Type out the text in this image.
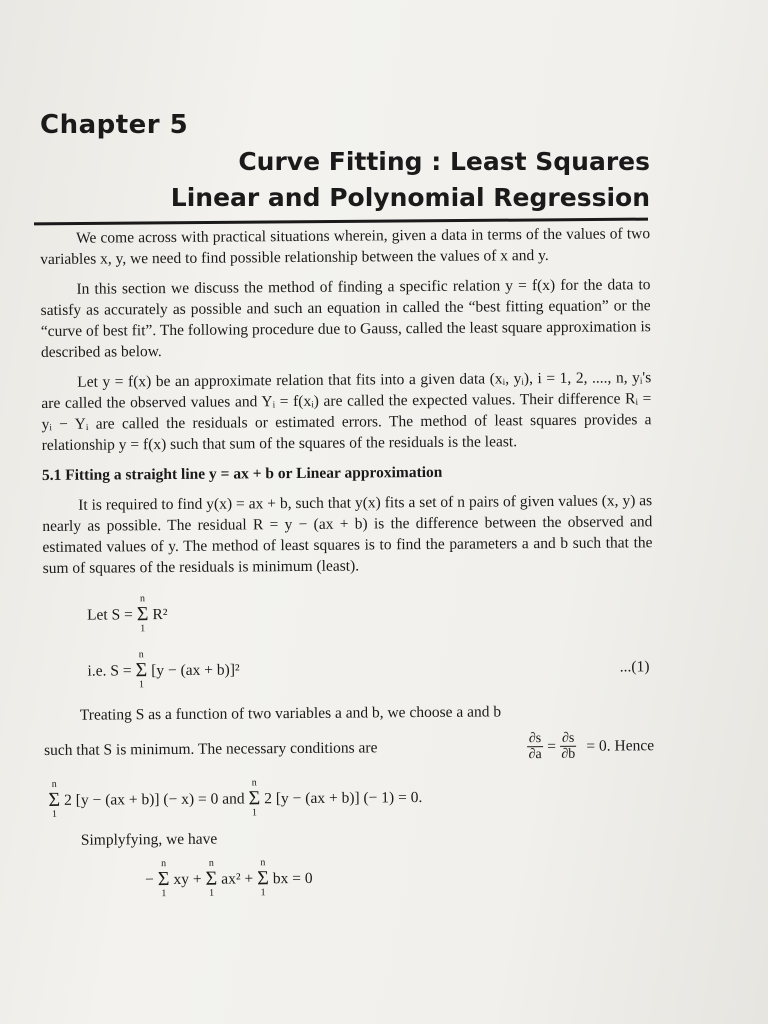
Chapter 5
Curve Fitting : Least Squares
Linear and Polynomial Regression

We come across with practical situations wherein, given a data in terms of the values of two variables x, y, we need to find possible relationship between the values of x and y.

In this section we discuss the method of finding a specific relation y = f(x) for the data to satisfy as accurately as possible and such an equation in called the “best fitting equation” or the “curve of best fit”. The following procedure due to Gauss, called the least square approximation is described as below.

Let y = f(x) be an approximate relation that fits into a given data (xᵢ, yᵢ), i = 1, 2, ...., n, yᵢ's are called the observed values and Yᵢ = f(xᵢ) are called the expected values. Their difference Rᵢ = yᵢ − Yᵢ are called the residuals or estimated errors. The method of least squares provides a relationship y = f(x) such that sum of the squares of the residuals is the least.

5.1 Fitting a straight line y = ax + b or Linear approximation

It is required to find y(x) = ax + b, such that y(x) fits a set of n pairs of given values (x, y) as nearly as possible. The residual R = y − (ax + b) is the difference between the observed and estimated values of y. The method of least squares is to find the parameters a and b such that the sum of squares of the residuals is minimum (least).

Let S =
n
Σ
1
R²
i.e. S =
n
Σ
1
[y − (ax + b)]²	...(1)

Treating S as a function of two variables a and b, we choose a and b

such that S is minimum. The necessary conditions are	$\frac{\partial s}{\partial a} = \frac{\partial s}{\partial b} = 0$. Hence
n
Σ
1
2 [y − (ax + b)] (− x) = 0 and
n
Σ
1
2 [y − (ax + b)] (− 1) = 0.

Simplyfying, we have

−
n
Σ
1
xy +
n
Σ
1
ax² +
n
Σ
1
bx = 0
